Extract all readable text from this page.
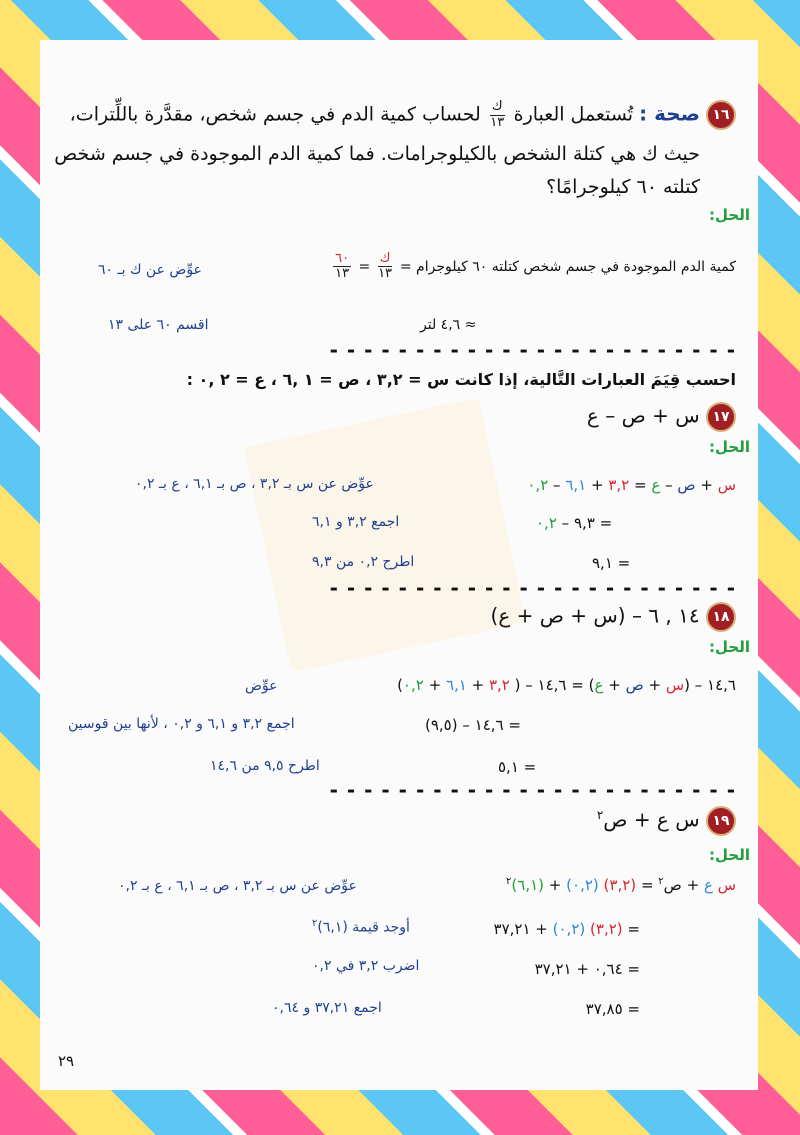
١٦ صحة : تُستعمل العبارة
$\frac{\text{ك}}{١٣}$
لحساب كمية الدم في جسم شخص، مقدَّرة باللِّترات،
حيث ك هي كتلة الشخص بالكيلوجرامات. فما كمية الدم الموجودة في جسم شخص
كتلته ٦٠ كيلوجرامًا؟
الحل:
كمية الدم الموجودة في جسم شخص كتلته ٦٠ كيلوجرام =
$\frac{\text{ك}}{١٣}$
=
$\frac{٦٠}{١٣}$
عوِّض عن ك بـ ٦٠
≈ ٤,٦ لتر
اقسم ٦٠ على ١٣
- - - - - - - - - - - - - - - - - - - - - - - -
احسب قِيَمَ العبارات التَّالية، إذا كانت س = ٣,٢ ، ص = ١ ,٦ ، ع = ٢ ,٠ :
١٧ س + ص – ع
الحل:
س + ص – ع = ٣,٢ + ٦,١ – ٠,٢
عوِّض عن س بـ ٣,٢ ، ص بـ ٦,١ ، ع بـ ٠,٢
= ٩,٣ – ٠,٢
اجمع ٣,٢ و ٦,١
= ٩,١
اطرح ٠,٢ من ٩,٣
- - - - - - - - - - - - - - - - - - - - - - - -
١٨ ١٤ , ٦ – (س + ص + ع)
الحل:
١٤,٦ – (س + ص + ع) = ١٤,٦ – ( ٣,٢ + ٦,١ + ٠,٢)
عوِّض
= ١٤,٦ – (٩,٥)
اجمع ٣,٢ و ٦,١ و ٠,٢ ، لأنها بين قوسين
= ٥,١
اطرح ٩,٥ من ١٤,٦
- - - - - - - - - - - - - - - - - - - - - - - -
١٩ س ع + ص$^٢$
الحل:
س ع + ص$^٢$ = (٣,٢) (٠,٢) + (٦,١)$^٢$
عوِّض عن س بـ ٣,٢ ، ص بـ ٦,١ ، ع بـ ٠,٢
= (٣,٢) (٠,٢) + ٣٧,٢١
أوجد قيمة (٦,١)$^٢$
= ٠,٦٤ + ٣٧,٢١
اضرب ٣,٢ في ٠,٢
= ٣٧,٨٥
اجمع ٣٧,٢١ و ٠,٦٤
٢٩
